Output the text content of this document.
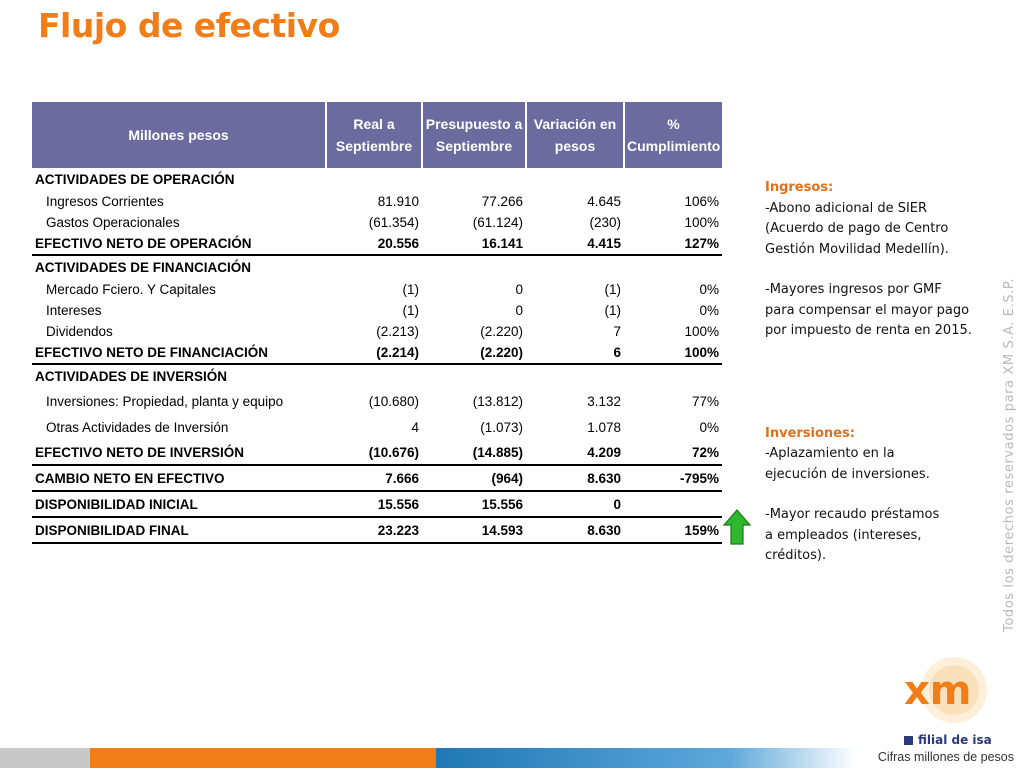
Flujo de efectivo
Millones pesos	Real a Septiembre	Presupuesto a Septiembre	Variación en pesos	% Cumplimiento
ACTIVIDADES DE OPERACIÓN				
Ingresos Corrientes	81.910	77.266	4.645	106%
Gastos Operacionales	(61.354)	(61.124)	(230)	100%
EFECTIVO NETO DE OPERACIÓN	20.556	16.141	4.415	127%
ACTIVIDADES DE FINANCIACIÓN				
Mercado Fciero. Y Capitales	(1)	0	(1)	0%
Intereses	(1)	0	(1)	0%
Dividendos	(2.213)	(2.220)	7	100%
EFECTIVO NETO DE FINANCIACIÓN	(2.214)	(2.220)	6	100%
ACTIVIDADES DE INVERSIÓN				
Inversiones: Propiedad, planta y equipo	(10.680)	(13.812)	3.132	77%
Otras Actividades de Inversión	4	(1.073)	1.078	0%
EFECTIVO NETO DE INVERSIÓN	(10.676)	(14.885)	4.209	72%
CAMBIO NETO EN EFECTIVO	7.666	(964)	8.630	-795%
DISPONIBILIDAD INICIAL	15.556	15.556	0	
DISPONIBILIDAD FINAL	23.223	14.593	8.630	159%

Ingresos:

-Abono adicional de SIER
(Acuerdo de pago de Centro
Gestión Movilidad Medellín).

-Mayores ingresos por GMF
para compensar el mayor pago
por impuesto de renta en 2015.

Inversiones:

-Aplazamiento en la
ejecución de inversiones.

-Mayor recaudo préstamos
a empleados (intereses,
créditos).	Todos los derechos reservados para XM S.A. E.S.P.
xm
filial de isa
Cifras millones de pesos
